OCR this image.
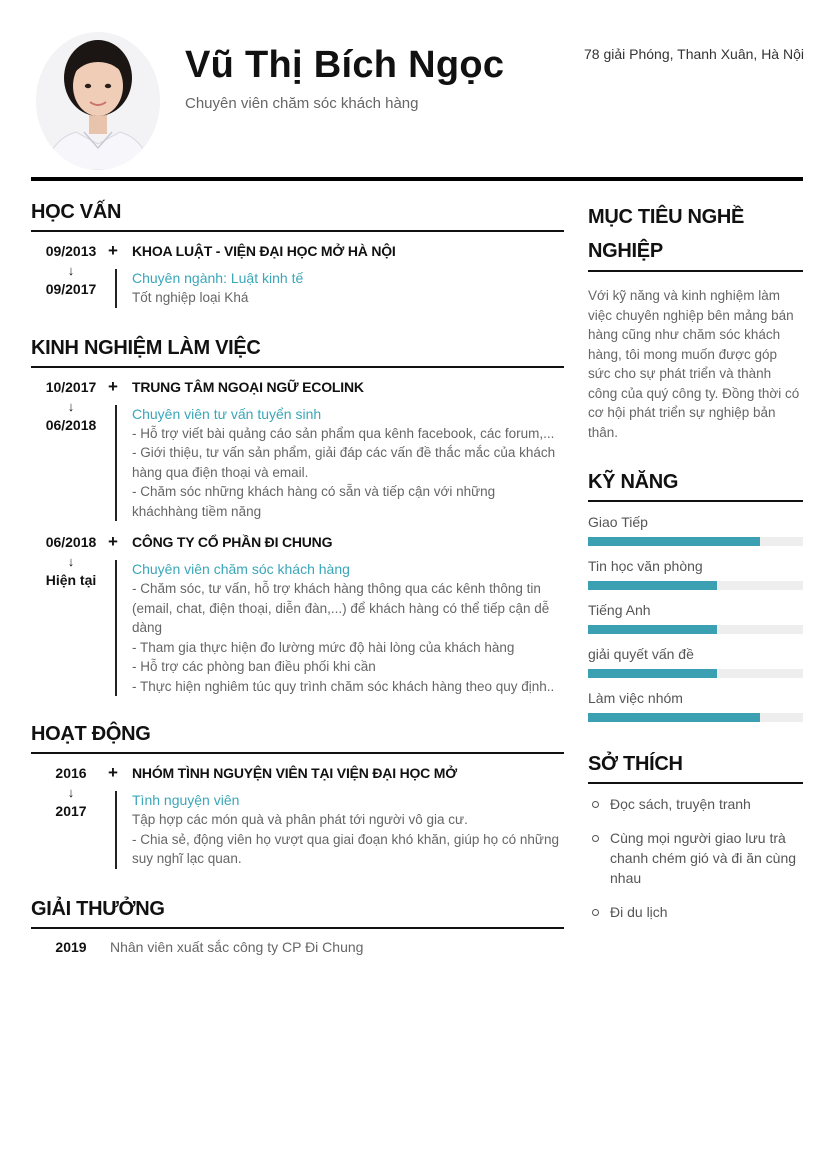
Vũ Thị Bích Ngọc
Chuyên viên chăm sóc khách hàng
78 giải Phóng, Thanh Xuân, Hà Nội
HỌC VẤN
09/2013
↓
09/2017
+ KHOA LUẬT - VIỆN ĐẠI HỌC MỞ HÀ NỘI
Chuyên ngành: Luật kinh tế
Tốt nghiệp loại Khá
KINH NGHIỆM LÀM VIỆC
10/2017
↓
06/2018
+ TRUNG TÂM NGOẠI NGỮ ECOLINK
Chuyên viên tư vấn tuyển sinh
- Hỗ trợ viết bài quảng cáo sản phẩm qua kênh facebook, các forum,...
- Giới thiệu, tư vấn sản phẩm, giải đáp các vấn đề thắc mắc của khách hàng qua điện thoại và email.
- Chăm sóc những khách hàng có sẵn và tiếp cận với những kháchhàng tiềm năng
06/2018
↓
Hiện tại
+ CÔNG TY CỔ PHẦN ĐI CHUNG
Chuyên viên chăm sóc khách hàng
- Chăm sóc, tư vấn, hỗ trợ khách hàng thông qua các kênh thông tin (email, chat, điện thoại, diễn đàn,...) để khách hàng có thể tiếp cận dễ dàng
- Tham gia thực hiện đo lường mức độ hài lòng của khách hàng
- Hỗ trợ các phòng ban điều phối khi cần
- Thực hiện nghiêm túc quy trình chăm sóc khách hàng theo quy định..
HOẠT ĐỘNG
2016
↓
2017
+ NHÓM TÌNH NGUYỆN VIÊN TẠI VIỆN ĐẠI HỌC MỞ
Tình nguyện viên
Tập hợp các món quà và phân phát tới người vô gia cư.
- Chia sẻ, động viên họ vượt qua giai đoạn khó khăn, giúp họ có những suy nghĩ lạc quan.
GIẢI THƯỞNG
2019	Nhân viên xuất sắc công ty CP Đi Chung
MỤC TIÊU NGHỀ NGHIỆP
Với kỹ năng và kinh nghiệm làm việc chuyên nghiệp bên mảng bán hàng cũng như chăm sóc khách hàng, tôi mong muốn được góp sức cho sự phát triển và thành công của quý công ty. Đồng thời có cơ hội phát triển sự nghiệp bản thân.
KỸ NĂNG
Giao Tiếp
Tin học văn phòng
Tiếng Anh
giải quyết vấn đề
Làm việc nhóm
SỞ THÍCH
Đọc sách, truyện tranh
Cùng mọi người giao lưu trà chanh chém gió và đi ăn cùng nhau
Đi du lịch
